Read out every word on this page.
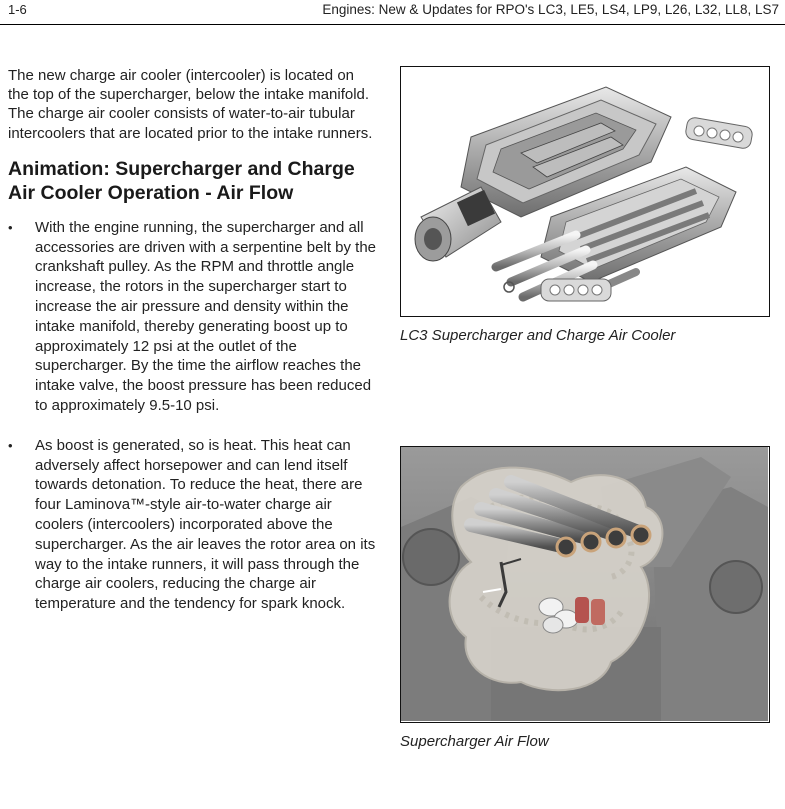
1-6	Engines: New & Updates for RPO's LC3, LE5, LS4, LP9, L26, L32, LL8, LS7

The new charge air cooler (intercooler) is located on the top of the supercharger, below the intake manifold. The charge air cooler consists of water-to-air tubular intercoolers that are located prior to the intake runners.

Animation: Supercharger and Charge Air Cooler Operation - Air Flow
• With the engine running, the supercharger and all accessories are driven with a serpentine belt by the crankshaft pulley. As the RPM and throttle angle increase, the rotors in the supercharger start to increase the air pressure and density within the intake manifold, thereby generating boost up to approximately 12 psi at the outlet of the supercharger. By the time the airflow reaches the intake valve, the boost pressure has been reduced to approximately 9.5-10 psi.
• As boost is generated, so is heat. This heat can adversely affect horsepower and can lend itself towards detonation. To reduce the heat, there are four Laminova™-style air-to-water charge air coolers (intercoolers) incorporated above the supercharger. As the air leaves the rotor area on its way to the intake runners, it will pass through the charge air coolers, reducing the charge air temperature and the tendency for spark knock.
LC3 Supercharger and Charge Air Cooler
Supercharger Air Flow
